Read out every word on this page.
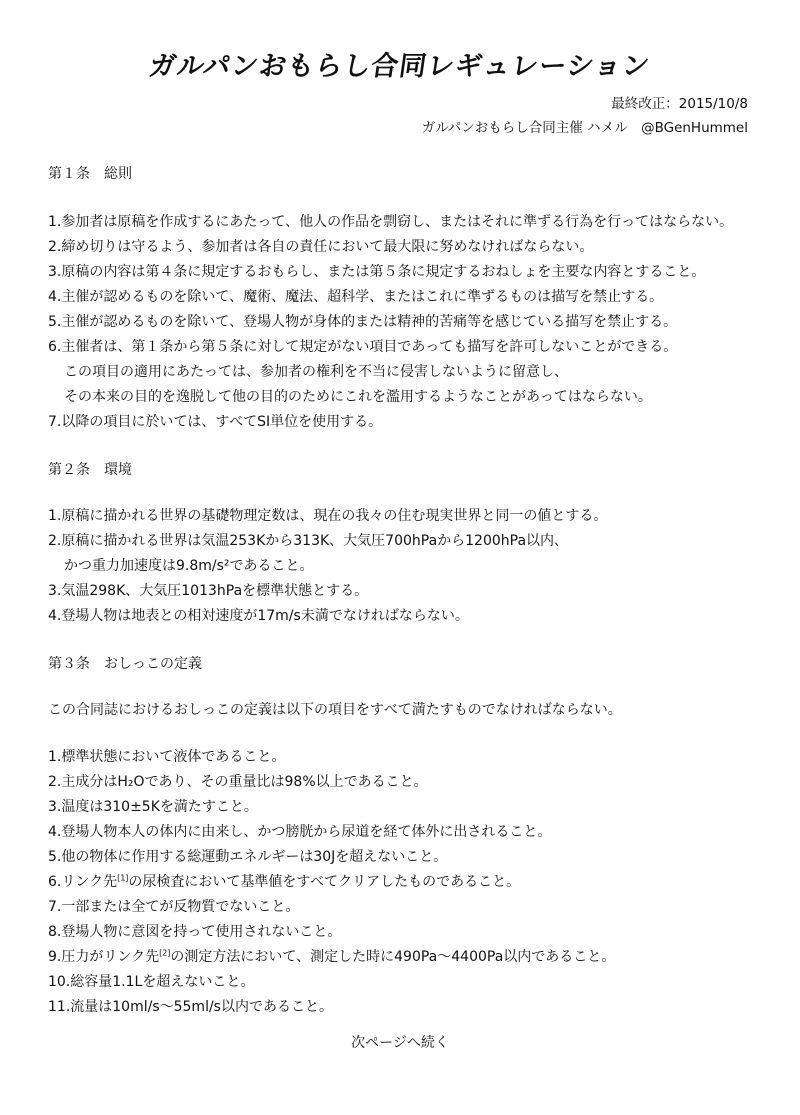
ガルパンおもらし合同レギュレーション
最終改正：2015/10/8
ガルパンおもらし合同主催 ハメル　@BGenHummel
第１条　総則
1.参加者は原稿を作成するにあたって、他人の作品を剽窃し、またはそれに準ずる行為を行ってはならない。
2.締め切りは守るよう、参加者は各自の責任において最大限に努めなければならない。
3.原稿の内容は第４条に規定するおもらし、または第５条に規定するおねしょを主要な内容とすること。
4.主催が認めるものを除いて、魔術、魔法、超科学、またはこれに準ずるものは描写を禁止する。
5.主催が認めるものを除いて、登場人物が身体的または精神的苦痛等を感じている描写を禁止する。
6.主催者は、第１条から第５条に対して規定がない項目であっても描写を許可しないことができる。
この項目の適用にあたっては、参加者の権利を不当に侵害しないように留意し、
その本来の目的を逸脱して他の目的のためにこれを濫用するようなことがあってはならない。
7.以降の項目に於いては、すべてSI単位を使用する。
第２条　環境
1.原稿に描かれる世界の基礎物理定数は、現在の我々の住む現実世界と同一の値とする。
2.原稿に描かれる世界は気温253Kから313K、大気圧700hPaから1200hPa以内、
かつ重力加速度は9.8m/s²であること。
3.気温298K、大気圧1013hPaを標準状態とする。
4.登場人物は地表との相対速度が17m/s未満でなければならない。
第３条　おしっこの定義
この合同誌におけるおしっこの定義は以下の項目をすべて満たすものでなければならない。
1.標準状態において液体であること。
2.主成分はH₂Oであり、その重量比は98%以上であること。
3.温度は310±5Kを満たすこと。
4.登場人物本人の体内に由来し、かつ膀胱から尿道を経て体外に出されること。
5.他の物体に作用する総運動エネルギーは30Jを超えないこと。
6.リンク先[1]の尿検査において基準値をすべてクリアしたものであること。
7.一部または全てが反物質でないこと。
8.登場人物に意図を持って使用されないこと。
9.圧力がリンク先[2]の測定方法において、測定した時に490Pa～4400Pa以内であること。
10.総容量1.1Lを超えないこと。
11.流量は10ml/s～55ml/s以内であること。
次ページへ続く
